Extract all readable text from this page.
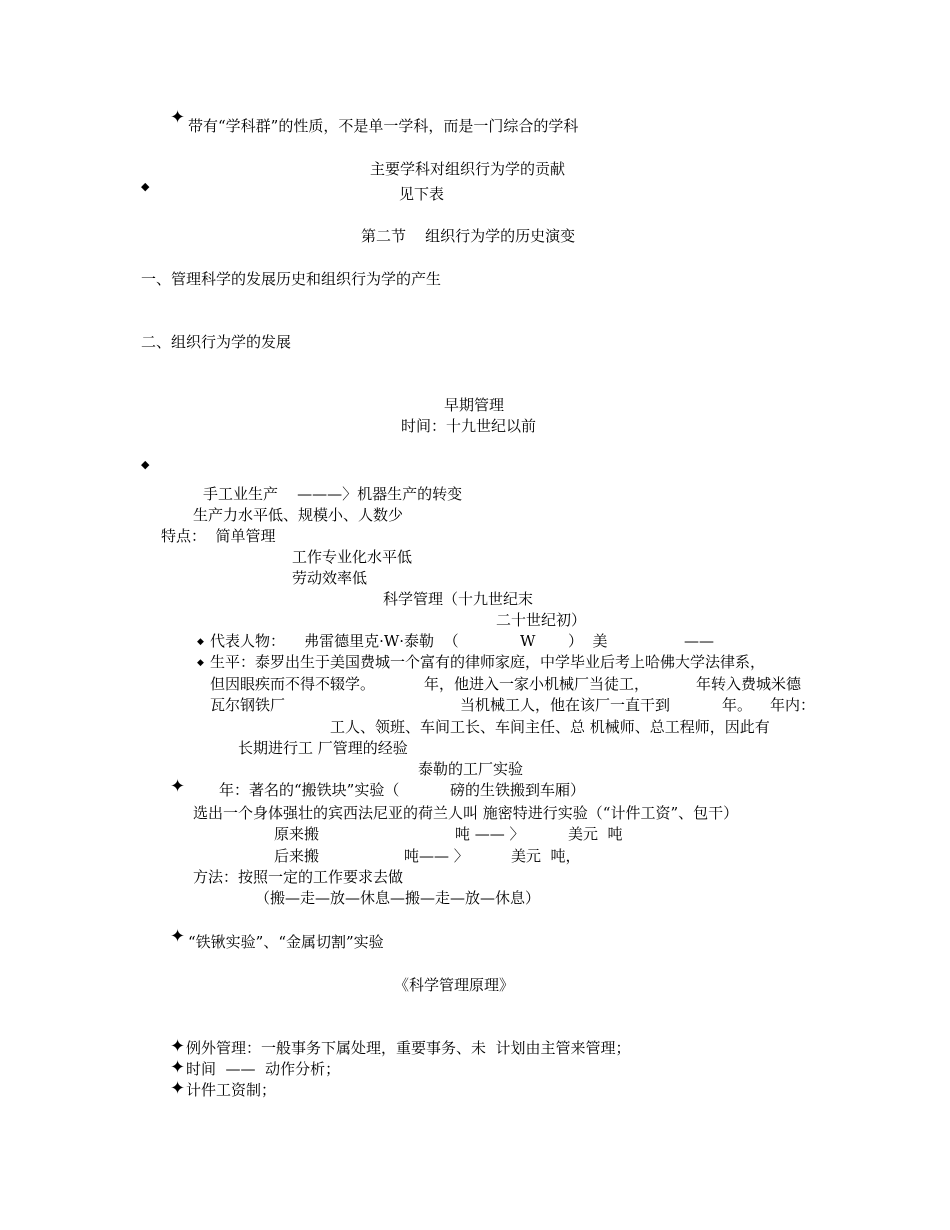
✦ 带有“学科群”的性质，不是单一学科，而是一门综合的学科
主要学科对组织行为学的贡献
◆	见下表
第二节    组织行为学的历史演变
一、管理科学的发展历史和组织行为学的产生
二、组织行为学的发展
早期管理
时间：十九世纪以前
◆
手工业生产    ———〉机器生产的转变
生产力水平低、规模小、人数少
特点：  简单管理
工作专业化水平低
劳动效率低
科学管理（十九世纪末
二十世纪初）
◆ 代表人物：    弗雷德里克·W·泰勒  （	W ）  美	——
◆ 生平：泰罗出生于美国费城一个富有的律师家庭，中学毕业后考上哈佛大学法律系，
但因眼疾而不得不辍学。	年，他进入一家小机械厂当徒工，	年转入费城米德
瓦尔钢铁厂	当机械工人，他在该厂一直干到	年。 年内：
工人、领班、车间工长、车间主任、总 机械师、总工程师，因此有
长期进行工 厂管理的经验
泰勒的工厂实验
✦ 年：著名的“搬铁块”实验（	磅的生铁搬到车厢）
选出一个身体强壮的宾西法尼亚的荷兰人叫 施密特进行实验（“计件工资”、包干）
原来搬	吨 —— 〉	美元  吨
后来搬	吨—— 〉	美元  吨，
方法：按照一定的工作要求去做
（搬—走—放—休息—搬—走—放—休息）
✦ “铁锹实验”、“金属切割”实验
《科学管理原理》
✦ 例外管理：一般事务下属处理，重要事务、未  计划由主管来管理；
✦ 时间  ——  动作分析；
✦ 计件工资制；
